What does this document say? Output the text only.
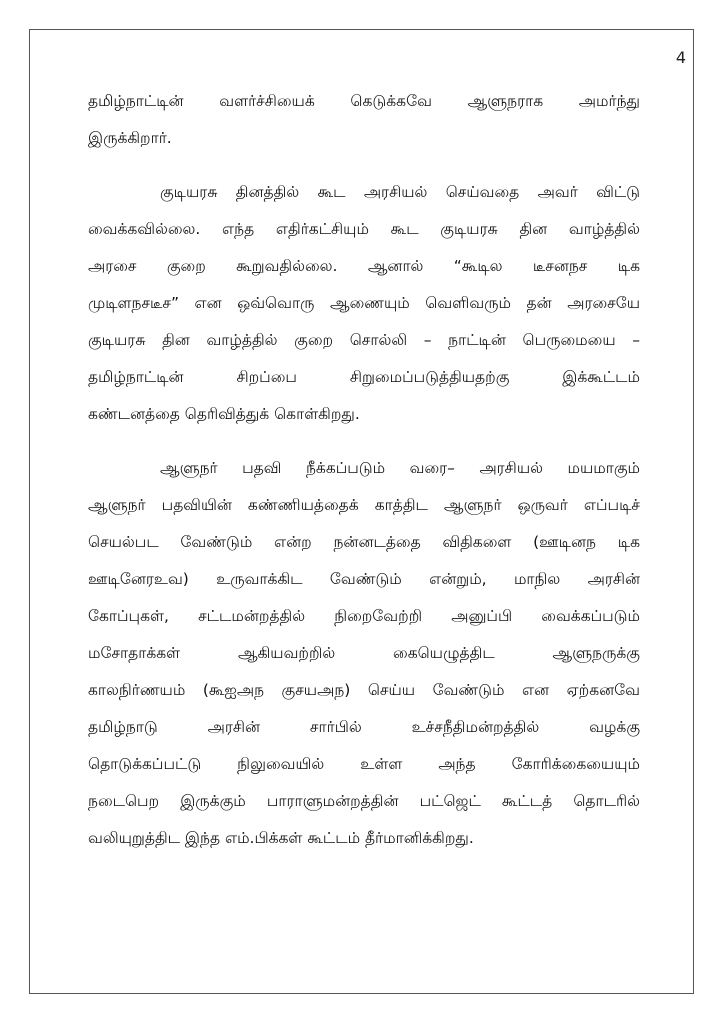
4

தமிழ்நாட்டின் வளர்ச்சியைக் கெடுக்கவே ஆளுநராக அமர்ந்து
இருக்கிறார்.

குடியரசு தினத்தில் கூட அரசியல் செய்வதை அவர் விட்டு
வைக்கவில்லை. எந்த எதிர்கட்சியும் கூட குடியரசு தின வாழ்த்தில்
அரசை குறை கூறுவதில்லை. ஆனால் “கூடில டீசனநச டிக
முடிளநசடீச” என ஒவ்வொரு ஆணையும் வெளிவரும் தன் அரசையே
குடியரசு தின வாழ்த்தில் குறை சொல்லி – நாட்டின் பெருமையை –
தமிழ்நாட்டின் சிறப்பை சிறுமைப்படுத்தியதற்கு இக்கூட்டம்
கண்டனத்தை தெரிவித்துக் கொள்கிறது.

ஆளுநர் பதவி நீக்கப்படும் வரை– அரசியல் மயமாகும்
ஆளுநர் பதவியின் கண்ணியத்தைக் காத்திட ஆளுநர் ஒருவர் எப்படிச்
செயல்பட வேண்டும் என்ற நன்னடத்தை விதிகளை (ஊடினந டிக
ஊடினேரஉவ) உருவாக்கிட வேண்டும் என்றும், மாநில அரசின்
கோப்புகள், சட்டமன்றத்தில் நிறைவேற்றி அனுப்பி வைக்கப்படும்
மசோதாக்கள் ஆகியவற்றில் கையெழுத்திட ஆளுநருக்கு
காலநிர்ணயம் (கூஐஅந குசயஅந) செய்ய வேண்டும் என ஏற்கனவே
தமிழ்நாடு அரசின் சார்பில் உச்சநீதிமன்றத்தில் வழக்கு
தொடுக்கப்பட்டு நிலுவையில் உள்ள அந்த கோரிக்கையையும்
நடைபெற இருக்கும் பாராளுமன்றத்தின் பட்ஜெட் கூட்டத் தொடரில்
வலியுறுத்திட இந்த எம்.பிக்கள் கூட்டம் தீர்மானிக்கிறது.
